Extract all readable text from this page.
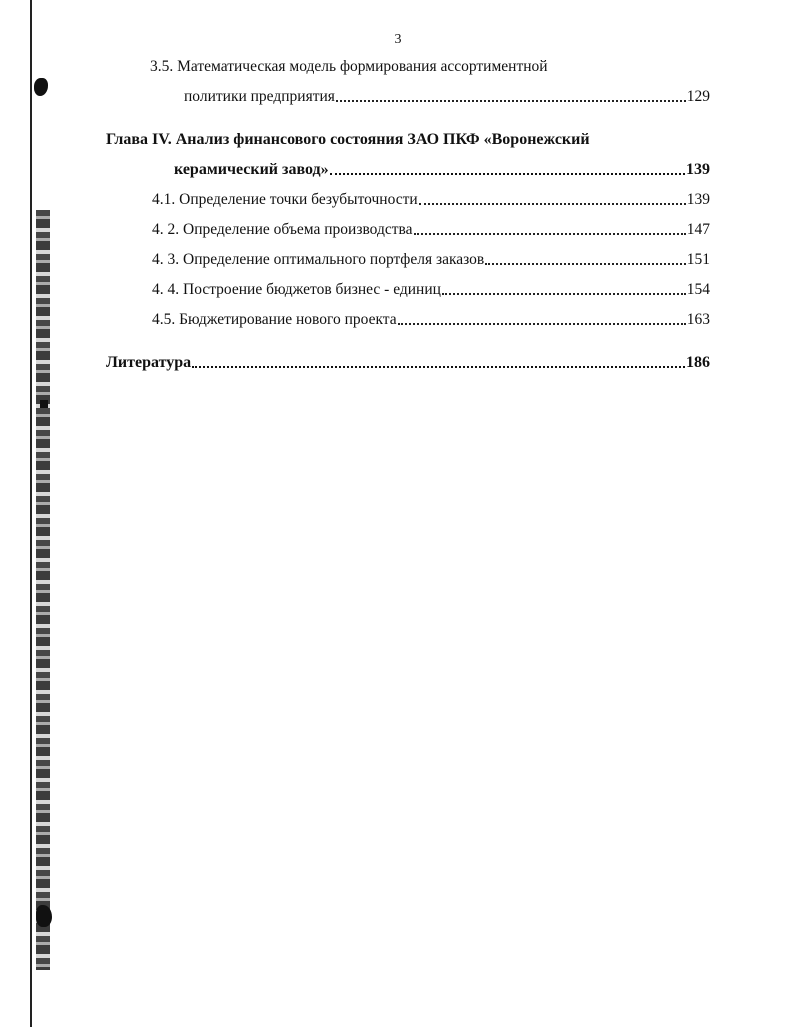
3
3.5. Математическая модель формирования ассортиментной
политики предприятия	129
Глава IV. Анализ финансового состояния ЗАО ПКФ «Воронежский
керамический завод»	139
4.1. Определение точки безубыточности	139
4. 2. Определение объема производства	147
4. 3. Определение оптимального портфеля заказов	151
4. 4. Построение бюджетов бизнес - единиц	154
4.5. Бюджетирование нового проекта	163
Литература	186
